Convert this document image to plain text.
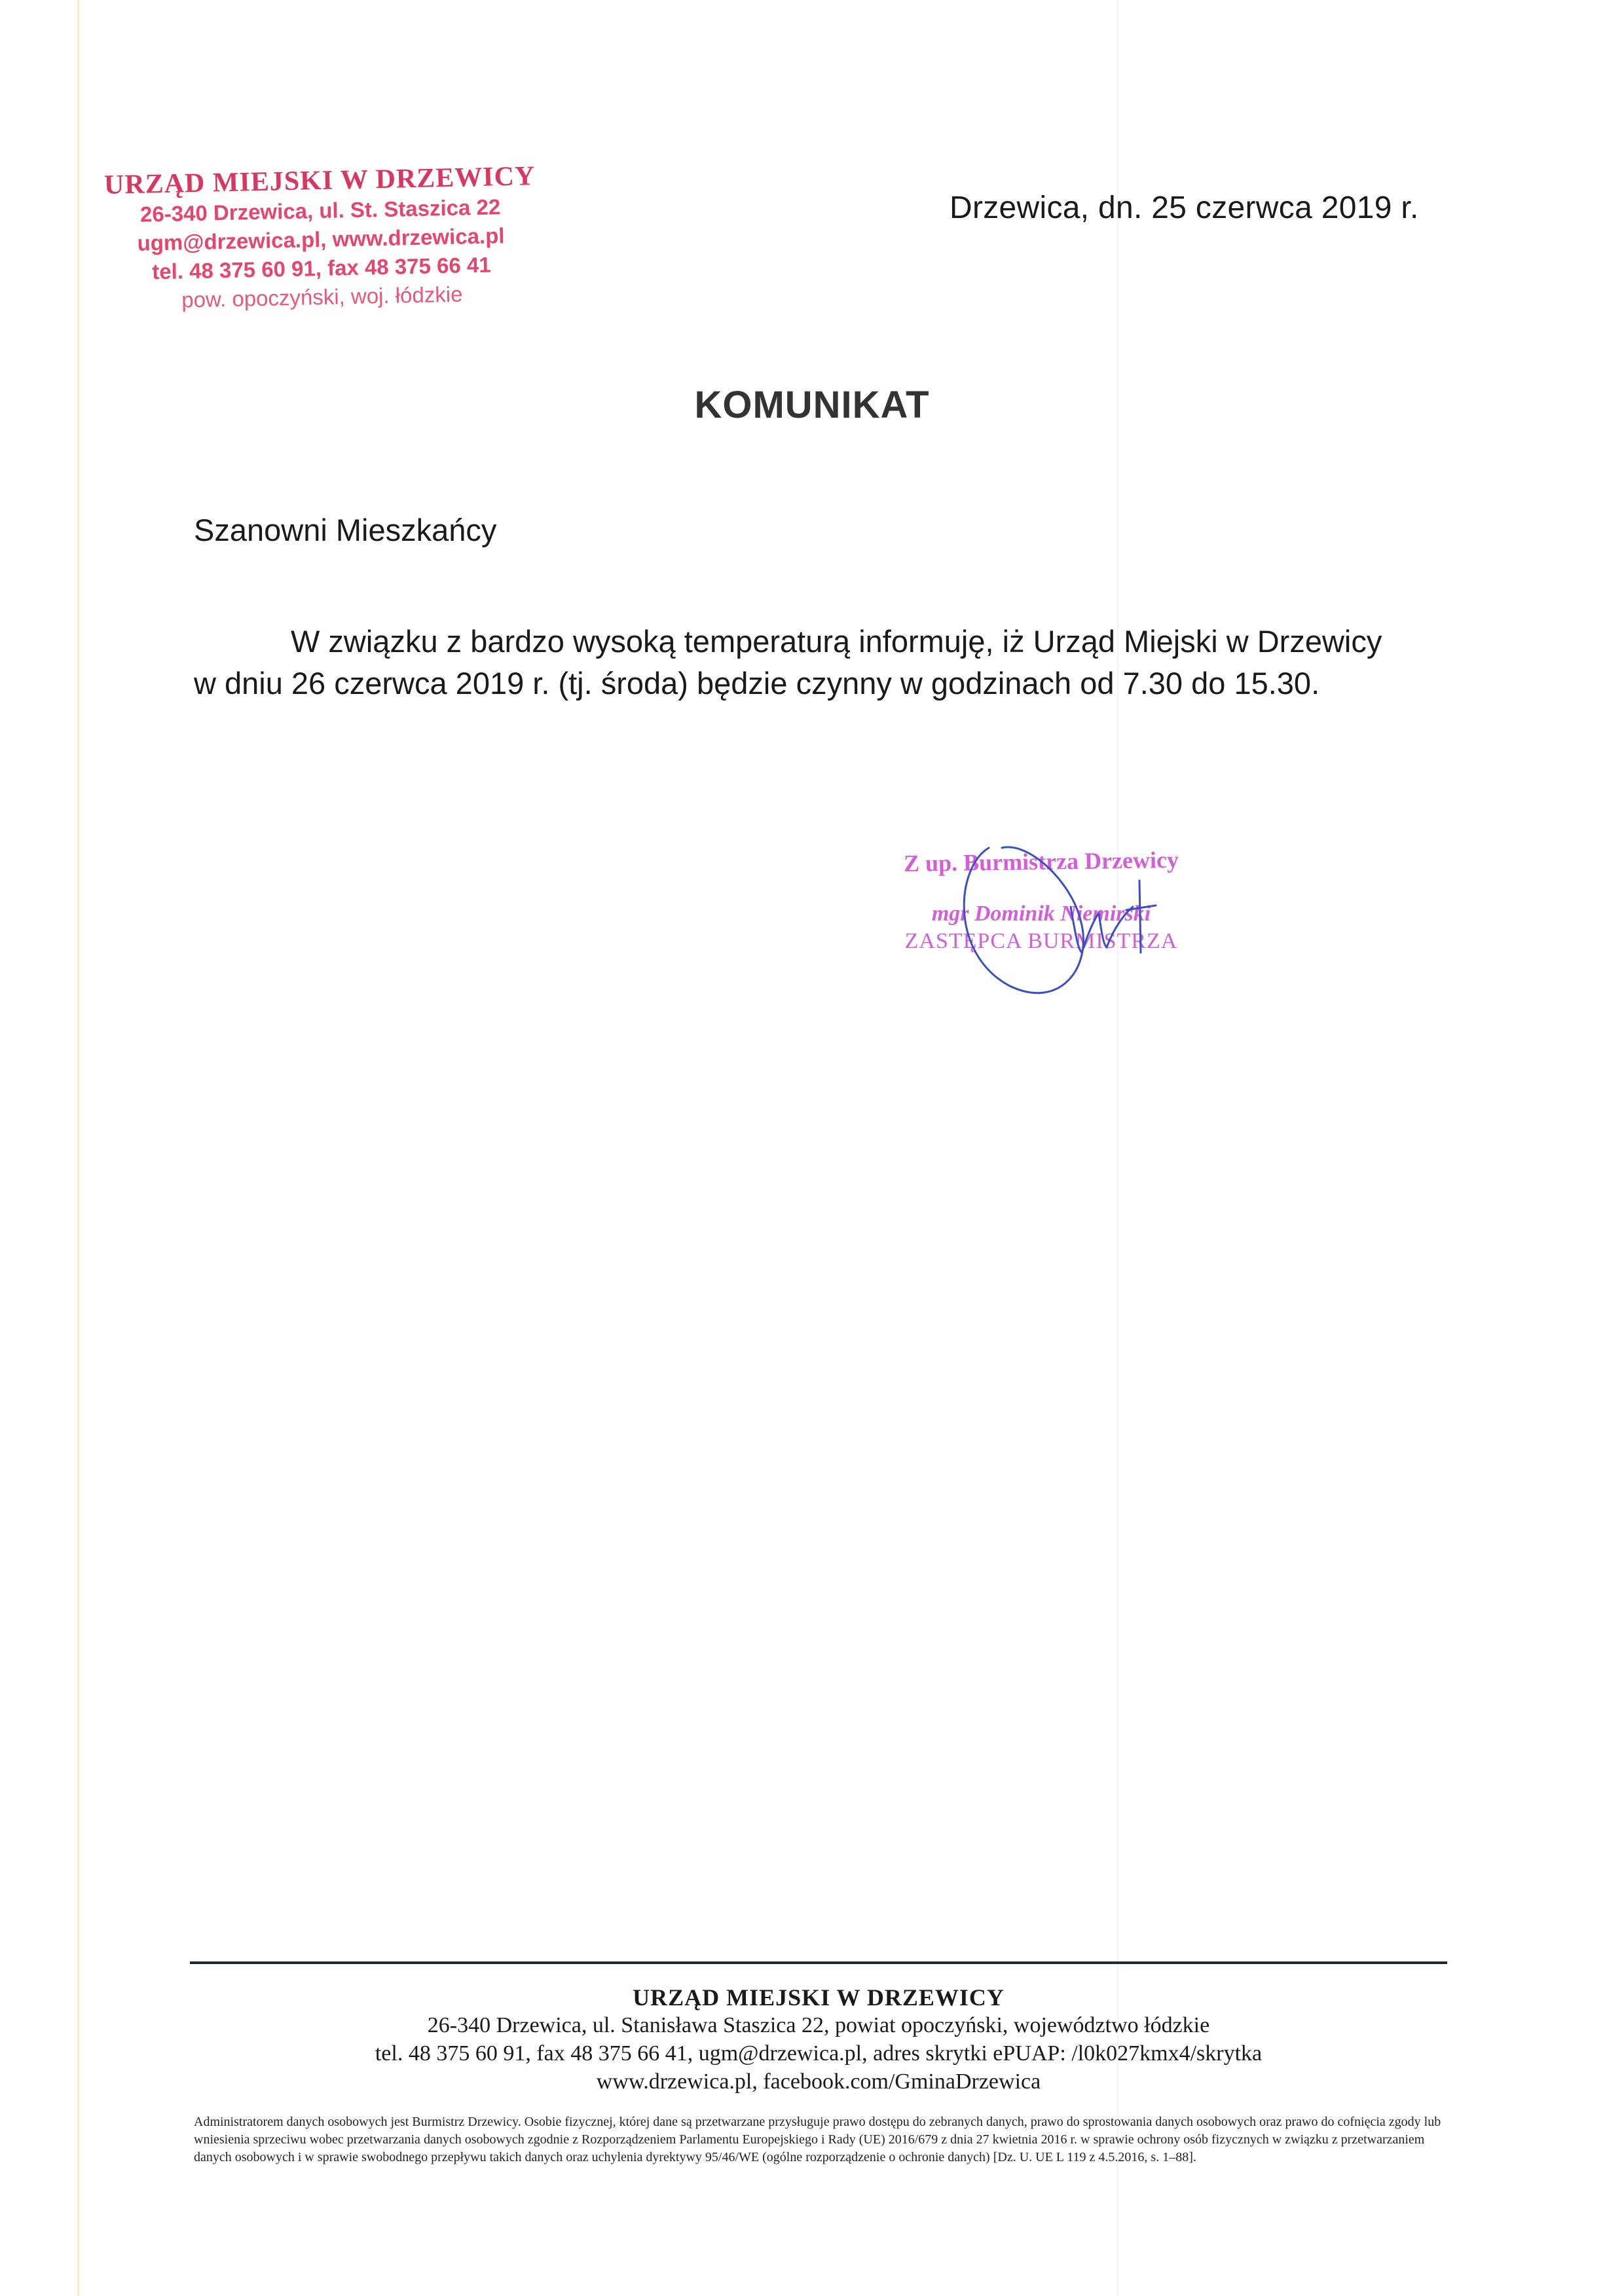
URZĄD MIEJSKI W DRZEWICY
26-340 Drzewica, ul. St. Staszica 22
ugm@drzewica.pl, www.drzewica.pl
tel. 48 375 60 91, fax 48 375 66 41
pow. opoczyński, woj. łódzkie
Drzewica, dn. 25 czerwca 2019 r.
KOMUNIKAT
Szanowni Mieszkańcy
W związku z bardzo wysoką temperaturą informuję, iż Urząd Miejski w Drzewicy
w dniu 26 czerwca 2019 r. (tj. środa) będzie czynny w godzinach od 7.30 do 15.30.
Z up. Burmistrza Drzewicy
mgr Dominik Niemirski
ZASTĘPCA BURMISTRZA
URZĄD MIEJSKI W DRZEWICY
26-340 Drzewica, ul. Stanisława Staszica 22, powiat opoczyński, województwo łódzkie
tel. 48 375 60 91, fax 48 375 66 41, ugm@drzewica.pl, adres skrytki ePUAP: /l0k027kmx4/skrytka
www.drzewica.pl, facebook.com/GminaDrzewica
Administratorem danych osobowych jest Burmistrz Drzewicy. Osobie fizycznej, której dane są przetwarzane przysługuje prawo dostępu do zebranych danych, prawo do sprostowania danych osobowych oraz prawo do cofnięcia zgody lub wniesienia sprzeciwu wobec przetwarzania danych osobowych zgodnie z Rozporządzeniem Parlamentu Europejskiego i Rady (UE) 2016/679 z dnia 27 kwietnia 2016 r. w sprawie ochrony osób fizycznych w związku z przetwarzaniem danych osobowych i w sprawie swobodnego przepływu takich danych oraz uchylenia dyrektywy 95/46/WE (ogólne rozporządzenie o ochronie danych) [Dz. U. UE L 119 z 4.5.2016, s. 1–88].
